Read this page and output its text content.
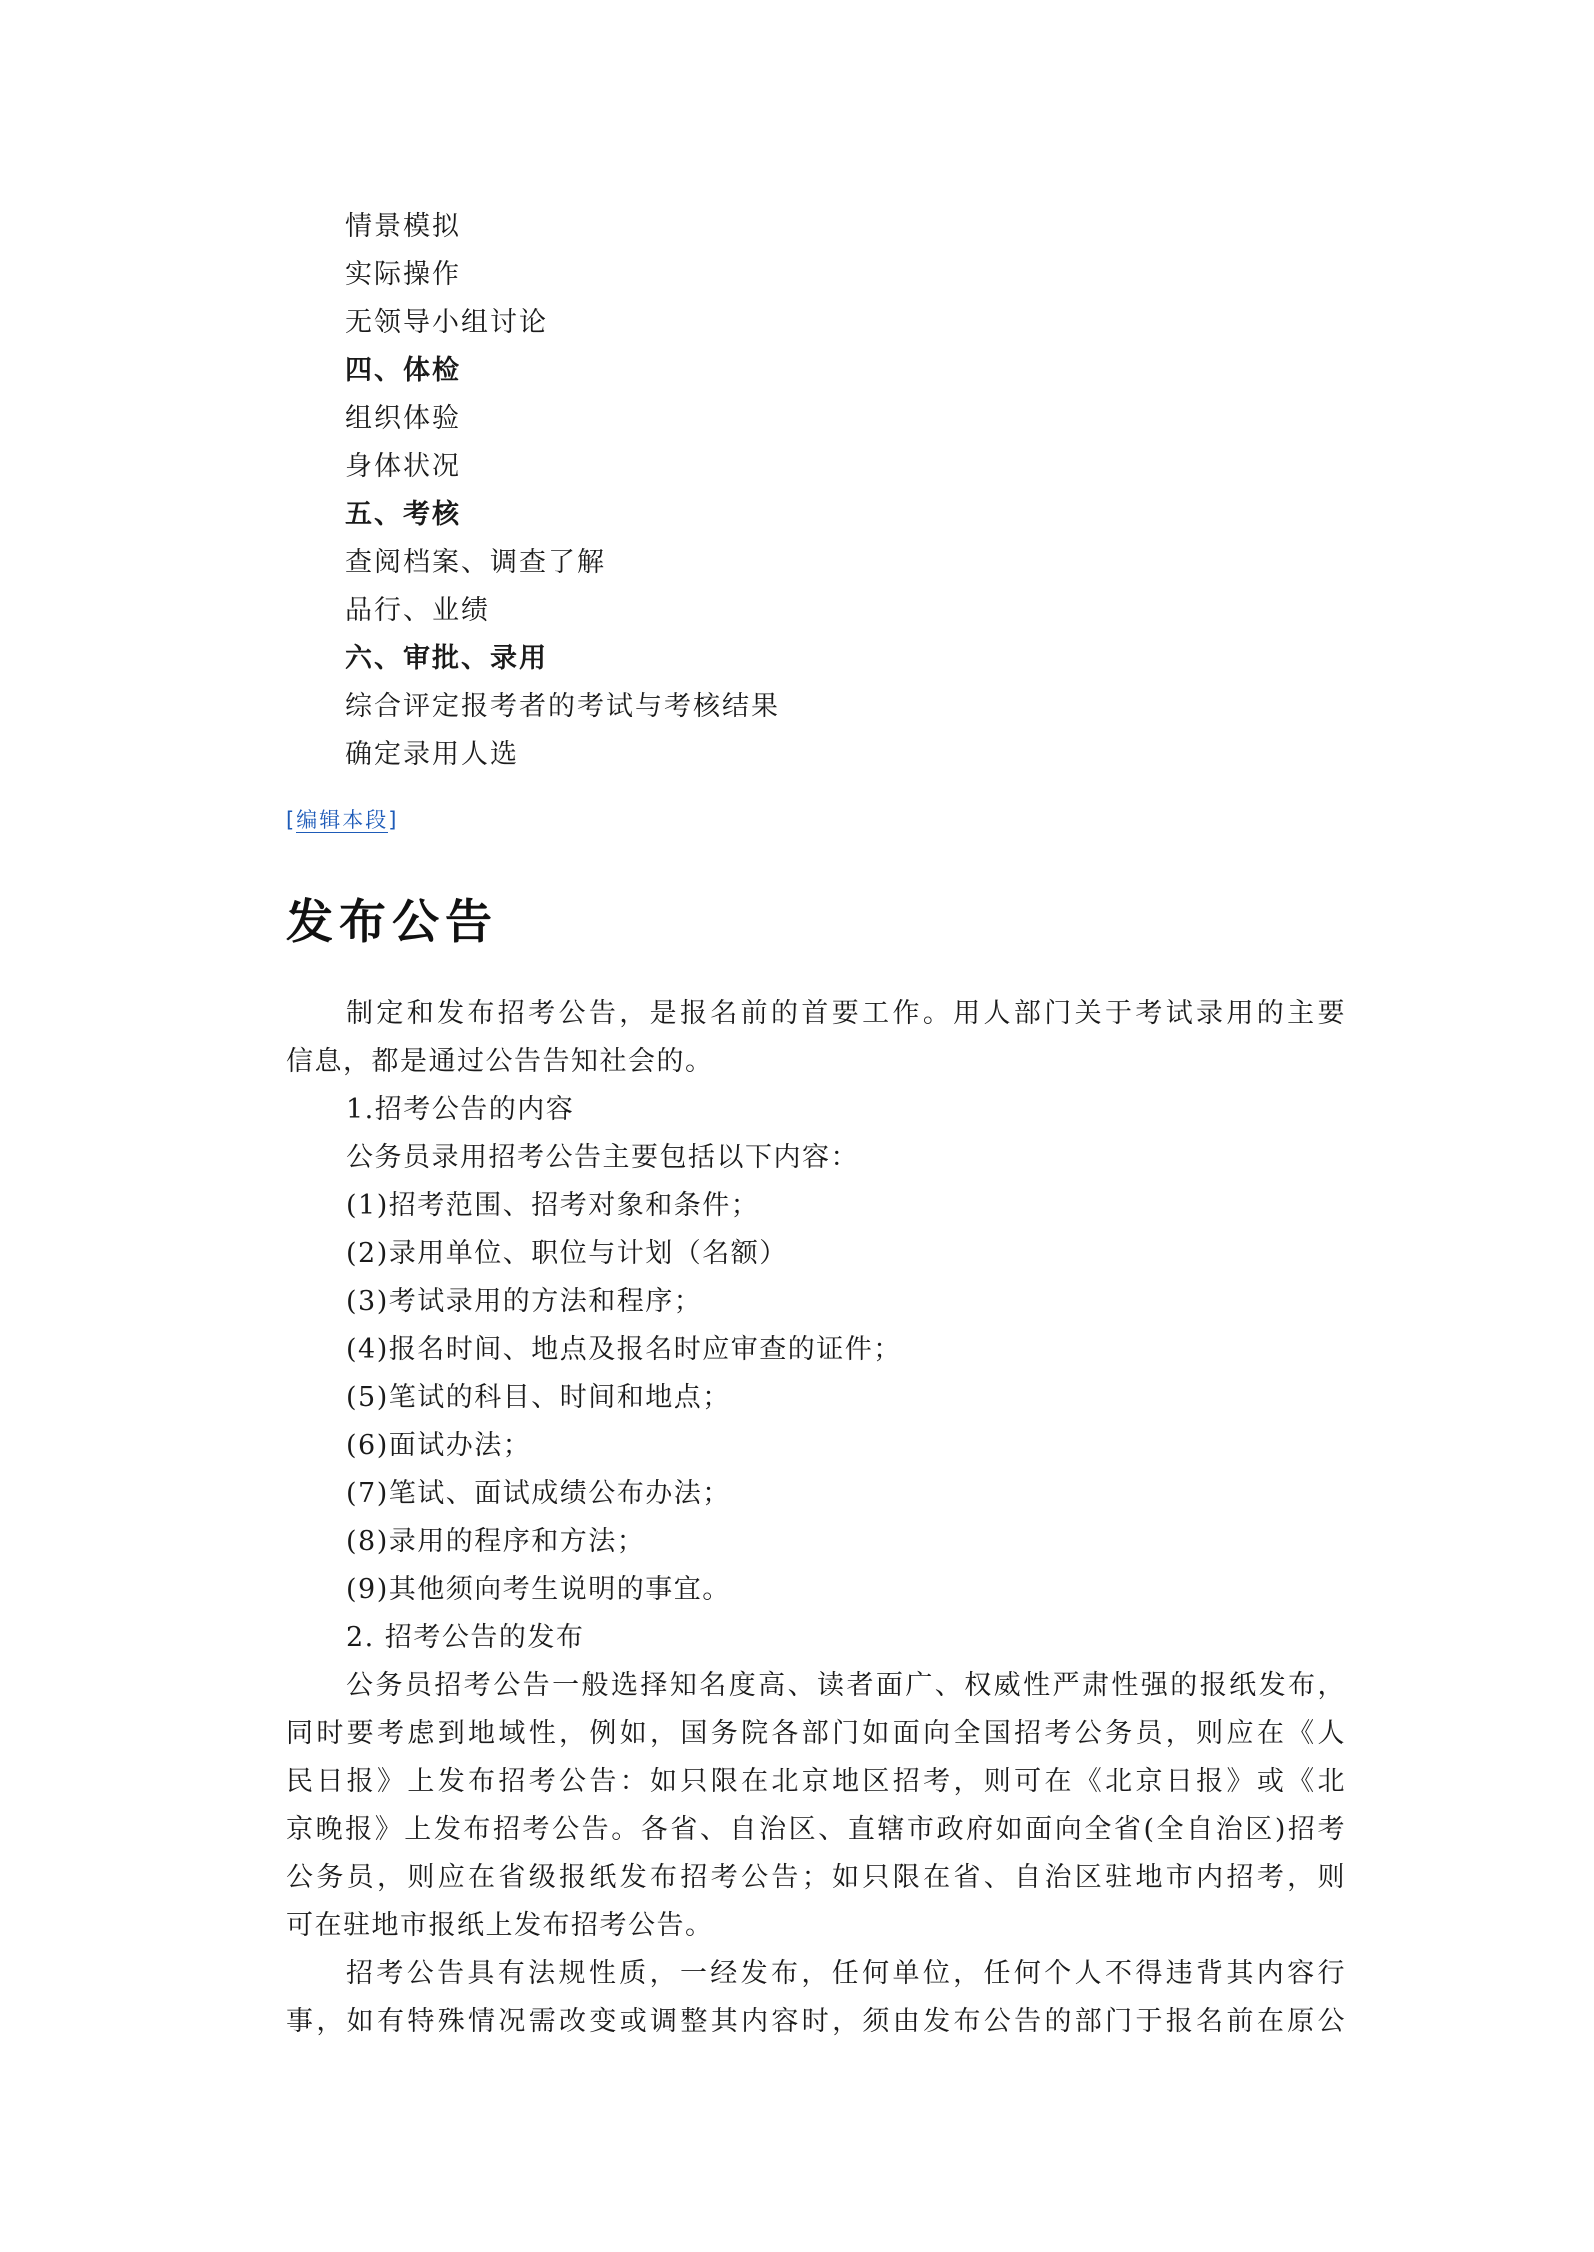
情景模拟
实际操作
无领导小组讨论
四、体检
组织体验
身体状况
五、考核
查阅档案、调查了解
品行、业绩
六、审批、录用
综合评定报考者的考试与考核结果
确定录用人选
[编辑本段]
发布公告
制定和发布招考公告，是报名前的首要工作。用人部门关于考试录用的主要
信息，都是通过公告告知社会的。
1.招考公告的内容
公务员录用招考公告主要包括以下内容：
(1)招考范围、招考对象和条件；
(2)录用单位、职位与计划（名额）
(3)考试录用的方法和程序；
(4)报名时间、地点及报名时应审查的证件；
(5)笔试的科目、时间和地点；
(6)面试办法；
(7)笔试、面试成绩公布办法；
(8)录用的程序和方法；
(9)其他须向考生说明的事宜。
2. 招考公告的发布
公务员招考公告一般选择知名度高、读者面广、权威性严肃性强的报纸发布，
同时要考虑到地域性，例如，国务院各部门如面向全国招考公务员，则应在《人
民日报》上发布招考公告：如只限在北京地区招考，则可在《北京日报》或《北
京晚报》上发布招考公告。各省、自治区、直辖市政府如面向全省(全自治区)招考
公务员，则应在省级报纸发布招考公告；如只限在省、自治区驻地市内招考，则
可在驻地市报纸上发布招考公告。
招考公告具有法规性质，一经发布，任何单位，任何个人不得违背其内容行
事，如有特殊情况需改变或调整其内容时，须由发布公告的部门于报名前在原公
